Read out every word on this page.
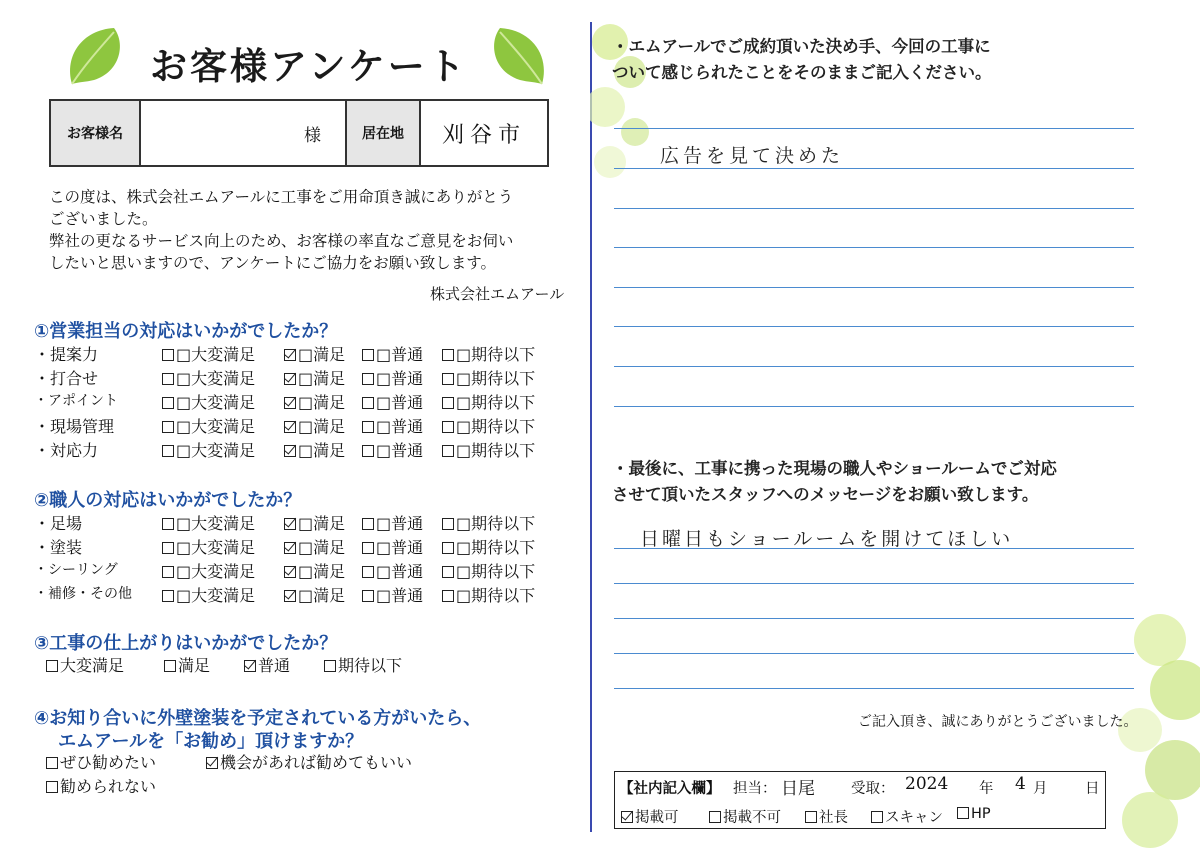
お客様アンケート
お客様名	様	居在地	刈谷市
この度は、株式会社エムアールに工事をご用命頂き誠にありがとう
ございました。
弊社の更なるサービス向上のため、お客様の率直なご意見をお伺い
したいと思いますので、アンケートにご協力をお願い致します。
株式会社エムアール
①営業担当の対応はいかがでしたか？
・提案力	□大変満足	□満足	□普通	□期待以下
・打合せ	□大変満足	□満足	□普通	□期待以下
・アポイント	□大変満足	□満足	□普通	□期待以下
・現場管理	□大変満足	□満足	□普通	□期待以下
・対応力	□大変満足	□満足	□普通	□期待以下
②職人の対応はいかがでしたか？
・足場	□大変満足	□満足	□普通	□期待以下
・塗装	□大変満足	□満足	□普通	□期待以下
・シーリング	□大変満足	□満足	□普通	□期待以下
・補修・その他	□大変満足	□満足	□普通	□期待以下
③工事の仕上がりはいかがでしたか？
大変満足	満足	普通	期待以下
④お知り合いに外壁塗装を予定されている方がいたら、
エムアールを「お勧め」頂けますか？
ぜひ勧めたい	機会があれば勧めてもいい
勧められない
・エムアールでご成約頂いた決め手、今回の工事に
ついて感じられたことをそのままご記入ください。
広告を見て決めた
・最後に、工事に携った現場の職人やショールームでご対応
させて頂いたスタッフへのメッセージをお願い致します。
日曜日もショールームを開けてほしい
ご記入頂き、誠にありがとうございました。
【社内記入欄】 担当： 日尾 受取： 2024 年 4 月	日
掲載可	掲載不可	社長	スキャン	HP
